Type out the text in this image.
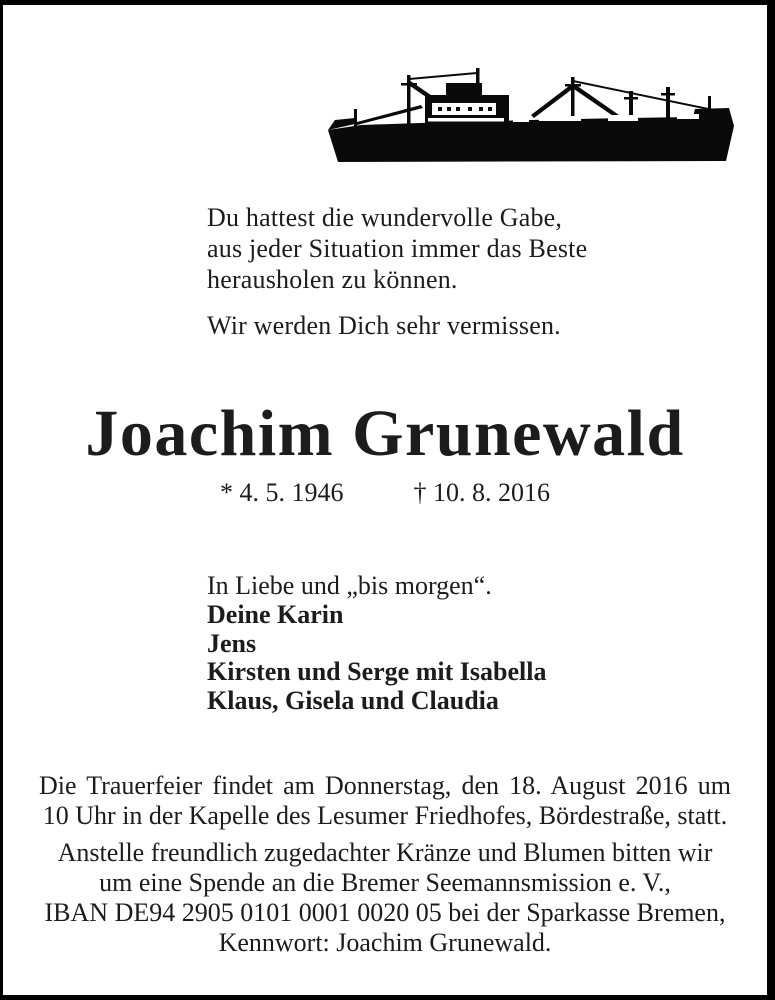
Du hattest die wundervolle Gabe,
aus jeder Situation immer das Beste
herausholen zu können.
Wir werden Dich sehr vermissen.
Joachim Grunewald
* 4. 5. 1946	† 10. 8. 2016
In Liebe und „bis morgen“.
Deine Karin
Jens
Kirsten und Serge mit Isabella
Klaus, Gisela und Claudia
Die Trauerfeier findet am Donnerstag, den 18. August 2016 um
10 Uhr in der Kapelle des Lesumer Friedhofes, Bördestraße, statt.
Anstelle freundlich zugedachter Kränze und Blumen bitten wir
um eine Spende an die Bremer Seemannsmission e. V.,
IBAN DE94 2905 0101 0001 0020 05 bei der Sparkasse Bremen,
Kennwort: Joachim Grunewald.
